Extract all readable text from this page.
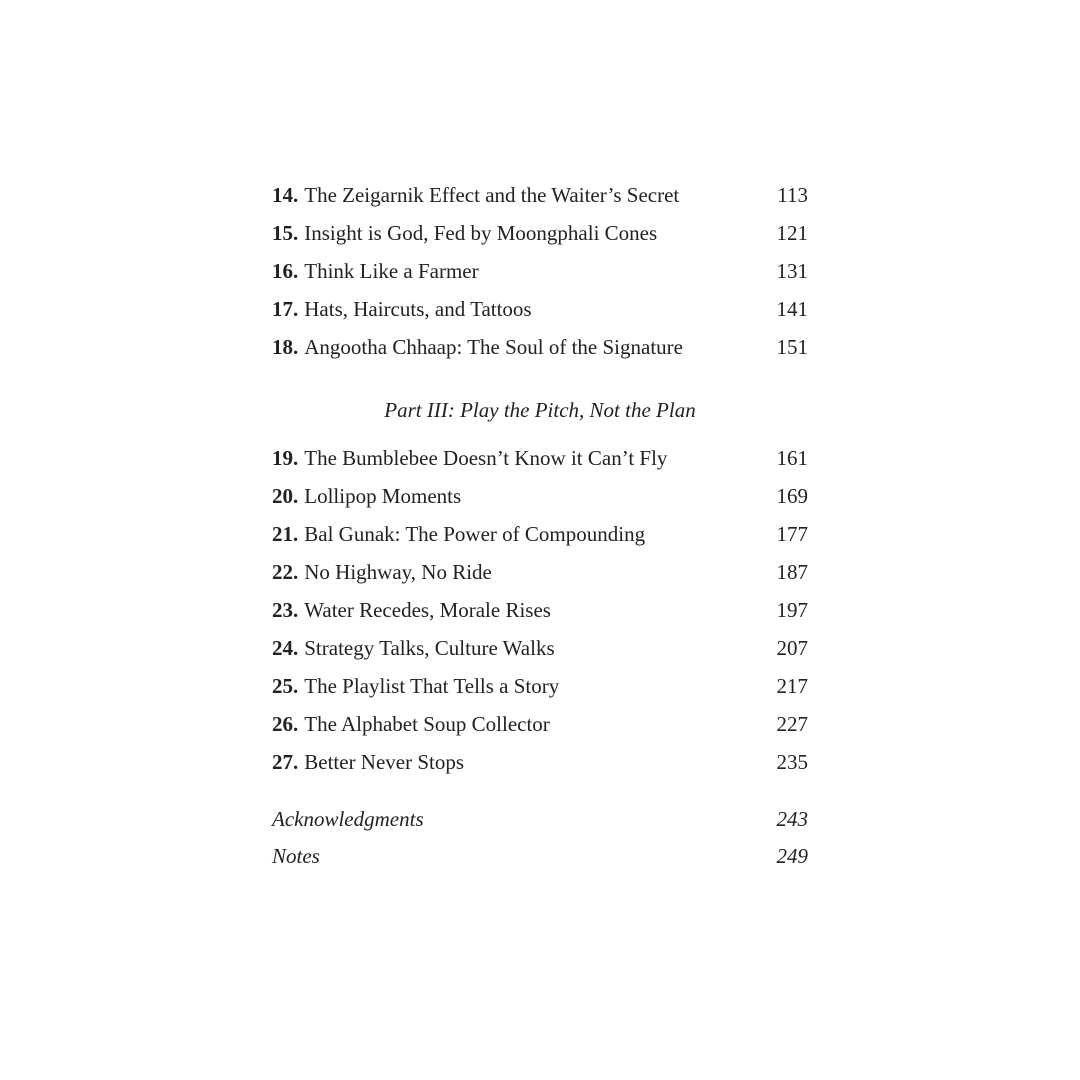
14. The Zeigarnik Effect and the Waiter’s Secret	113
15. Insight is God, Fed by Moongphali Cones	121
16. Think Like a Farmer	131
17. Hats, Haircuts, and Tattoos	141
18. Angootha Chhaap: The Soul of the Signature	151
Part III: Play the Pitch, Not the Plan
19. The Bumblebee Doesn’t Know it Can’t Fly	161
20. Lollipop Moments	169
21. Bal Gunak: The Power of Compounding	177
22. No Highway, No Ride	187
23. Water Recedes, Morale Rises	197
24. Strategy Talks, Culture Walks	207
25. The Playlist That Tells a Story	217
26. The Alphabet Soup Collector	227
27. Better Never Stops	235
Acknowledgments	243
Notes	249
